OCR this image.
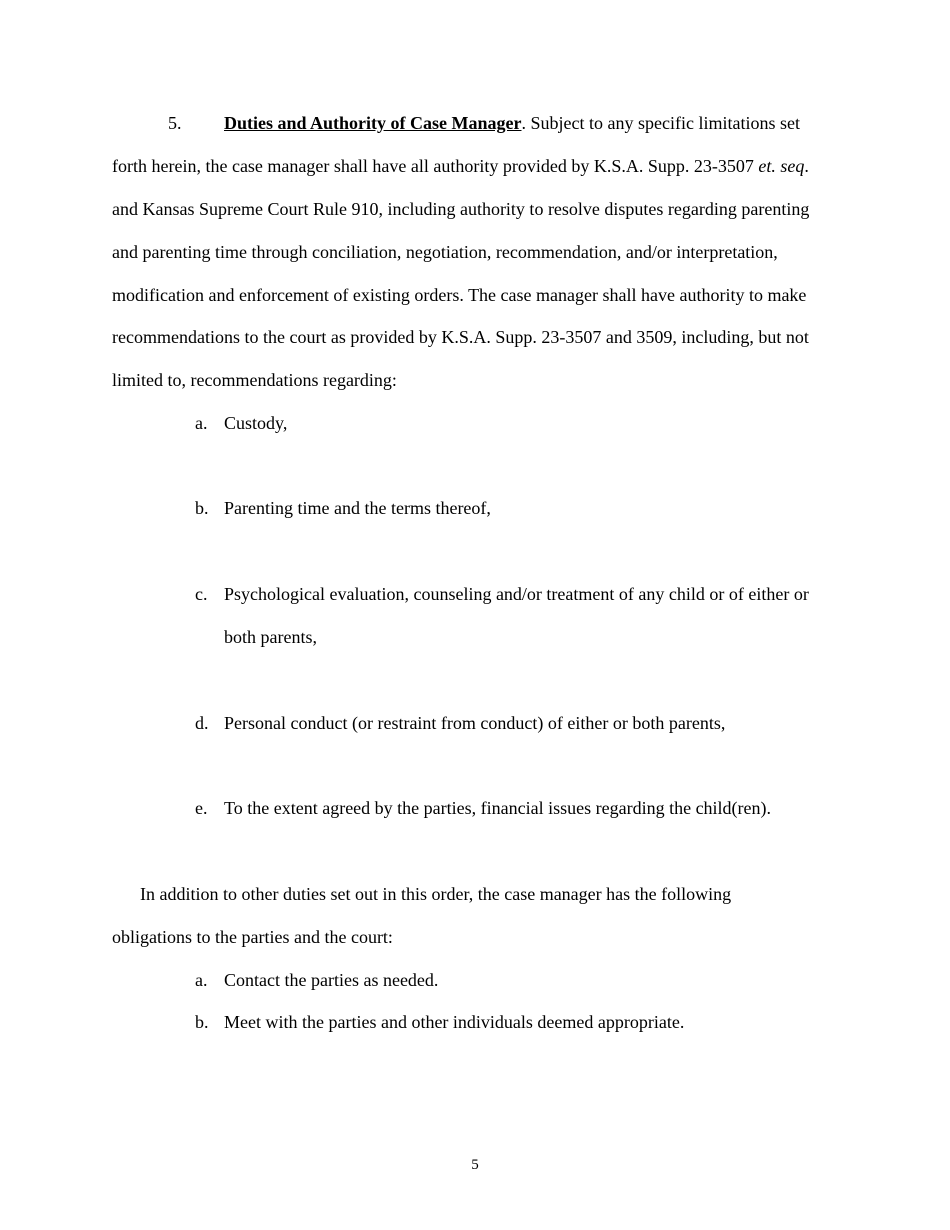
5. Duties and Authority of Case Manager. Subject to any specific limitations set
forth herein, the case manager shall have all authority provided by K.S.A. Supp. 23-3507 et. seq.
and Kansas Supreme Court Rule 910, including authority to resolve disputes regarding parenting
and parenting time through conciliation, negotiation, recommendation, and/or interpretation,
modification and enforcement of existing orders. The case manager shall have authority to make
recommendations to the court as provided by K.S.A. Supp. 23-3507 and 3509, including, but not
limited to, recommendations regarding:
a. Custody,
b. Parenting time and the terms thereof,
c. Psychological evaluation, counseling and/or treatment of any child or of either or
both parents,
d. Personal conduct (or restraint from conduct) of either or both parents,
e. To the extent agreed by the parties, financial issues regarding the child(ren).
In addition to other duties set out in this order, the case manager has the following
obligations to the parties and the court:
a. Contact the parties as needed.
b. Meet with the parties and other individuals deemed appropriate.
5
